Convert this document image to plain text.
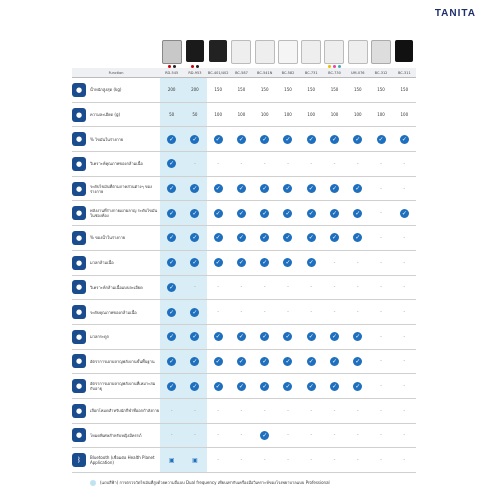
TANITA
Function	RD-545	RD-953	BC-401/402	BC-587	BC-541N	BC-582	BC-731	BC-730	UM-076	BC-312	BC-311

● น้ำหนักสูงสุด (kg)	200	200	150	150	150	150	150	150	150	150	150

● ความละเอียด (g)	50	50	100	100	100	100	100	100	100	100	100

● % ไขมันในร่างกาย	✓	✓	✓	✓	✓	✓	✓	✓	✓	✓	✓

● วิเคราะห์คุณภาพของกล้ามเนื้อ	✓	-	-	-	-	-	-	-	-	-	-

● ระดับไขมันที่ตามภาคส่วนต่างๆ ของร่างกาย	✓	✓	✓	✓	✓	✓	✓	✓	✓	-	-

● พลังงานที่ร่างกายเผาผลาญ ระดับไขมันในช่องท้อง	✓	✓	✓	✓	✓	✓	✓	✓	✓	-	✓

● % ของน้ำในร่างกาย	✓	✓	✓	✓	✓	✓	✓	✓	✓	-	-

● มวลกล้ามเนื้อ	✓	✓	✓	✓	✓	✓	✓	-	-	-	-

● วิเคราะห์กล้ามเนื้อแบบละเอียด	✓	-	-	-	-	-	-	-	-	-	-

● ระดับคุณภาพของกล้ามเนื้อ	✓	✓	-	-	-	-	-	-	-	-	-

● มวลกระดูก	✓	✓	✓	✓	✓	✓	✓	✓	✓	-	-

● อัตราการเผาผลาญพลังงานขั้นพื้นฐาน	✓	✓	✓	✓	✓	✓	✓	✓	✓	-	-

● อัตราการเผาผลาญพลังงานที่เหมาะสมกับอายุ	✓	✓	✓	✓	✓	✓	✓	✓	✓	-	-

● เลือกโหมดสำหรับนักกีฬาที่ออกกำลังกาย	-	-	-	-	-	-	-	-	-	-	-

● โหมดพิเศษสำหรับหญิงมีครรภ์	-	-	-	-	✓	-	-	-	-	-	-

ᛒ Bluetooth (เชื่อมต่อ Health Planet Application)	▣	▣	-	-	-	-	-	-	-	-	-
(แถบสีฟ้า) การตรวจวัดไขมันที่สูงด้วยความถี่แบบ Dual frequency เทียบเท่ากับเครื่องมือวิเคราะห์ของโรงพยาบาลแบบ Professional
